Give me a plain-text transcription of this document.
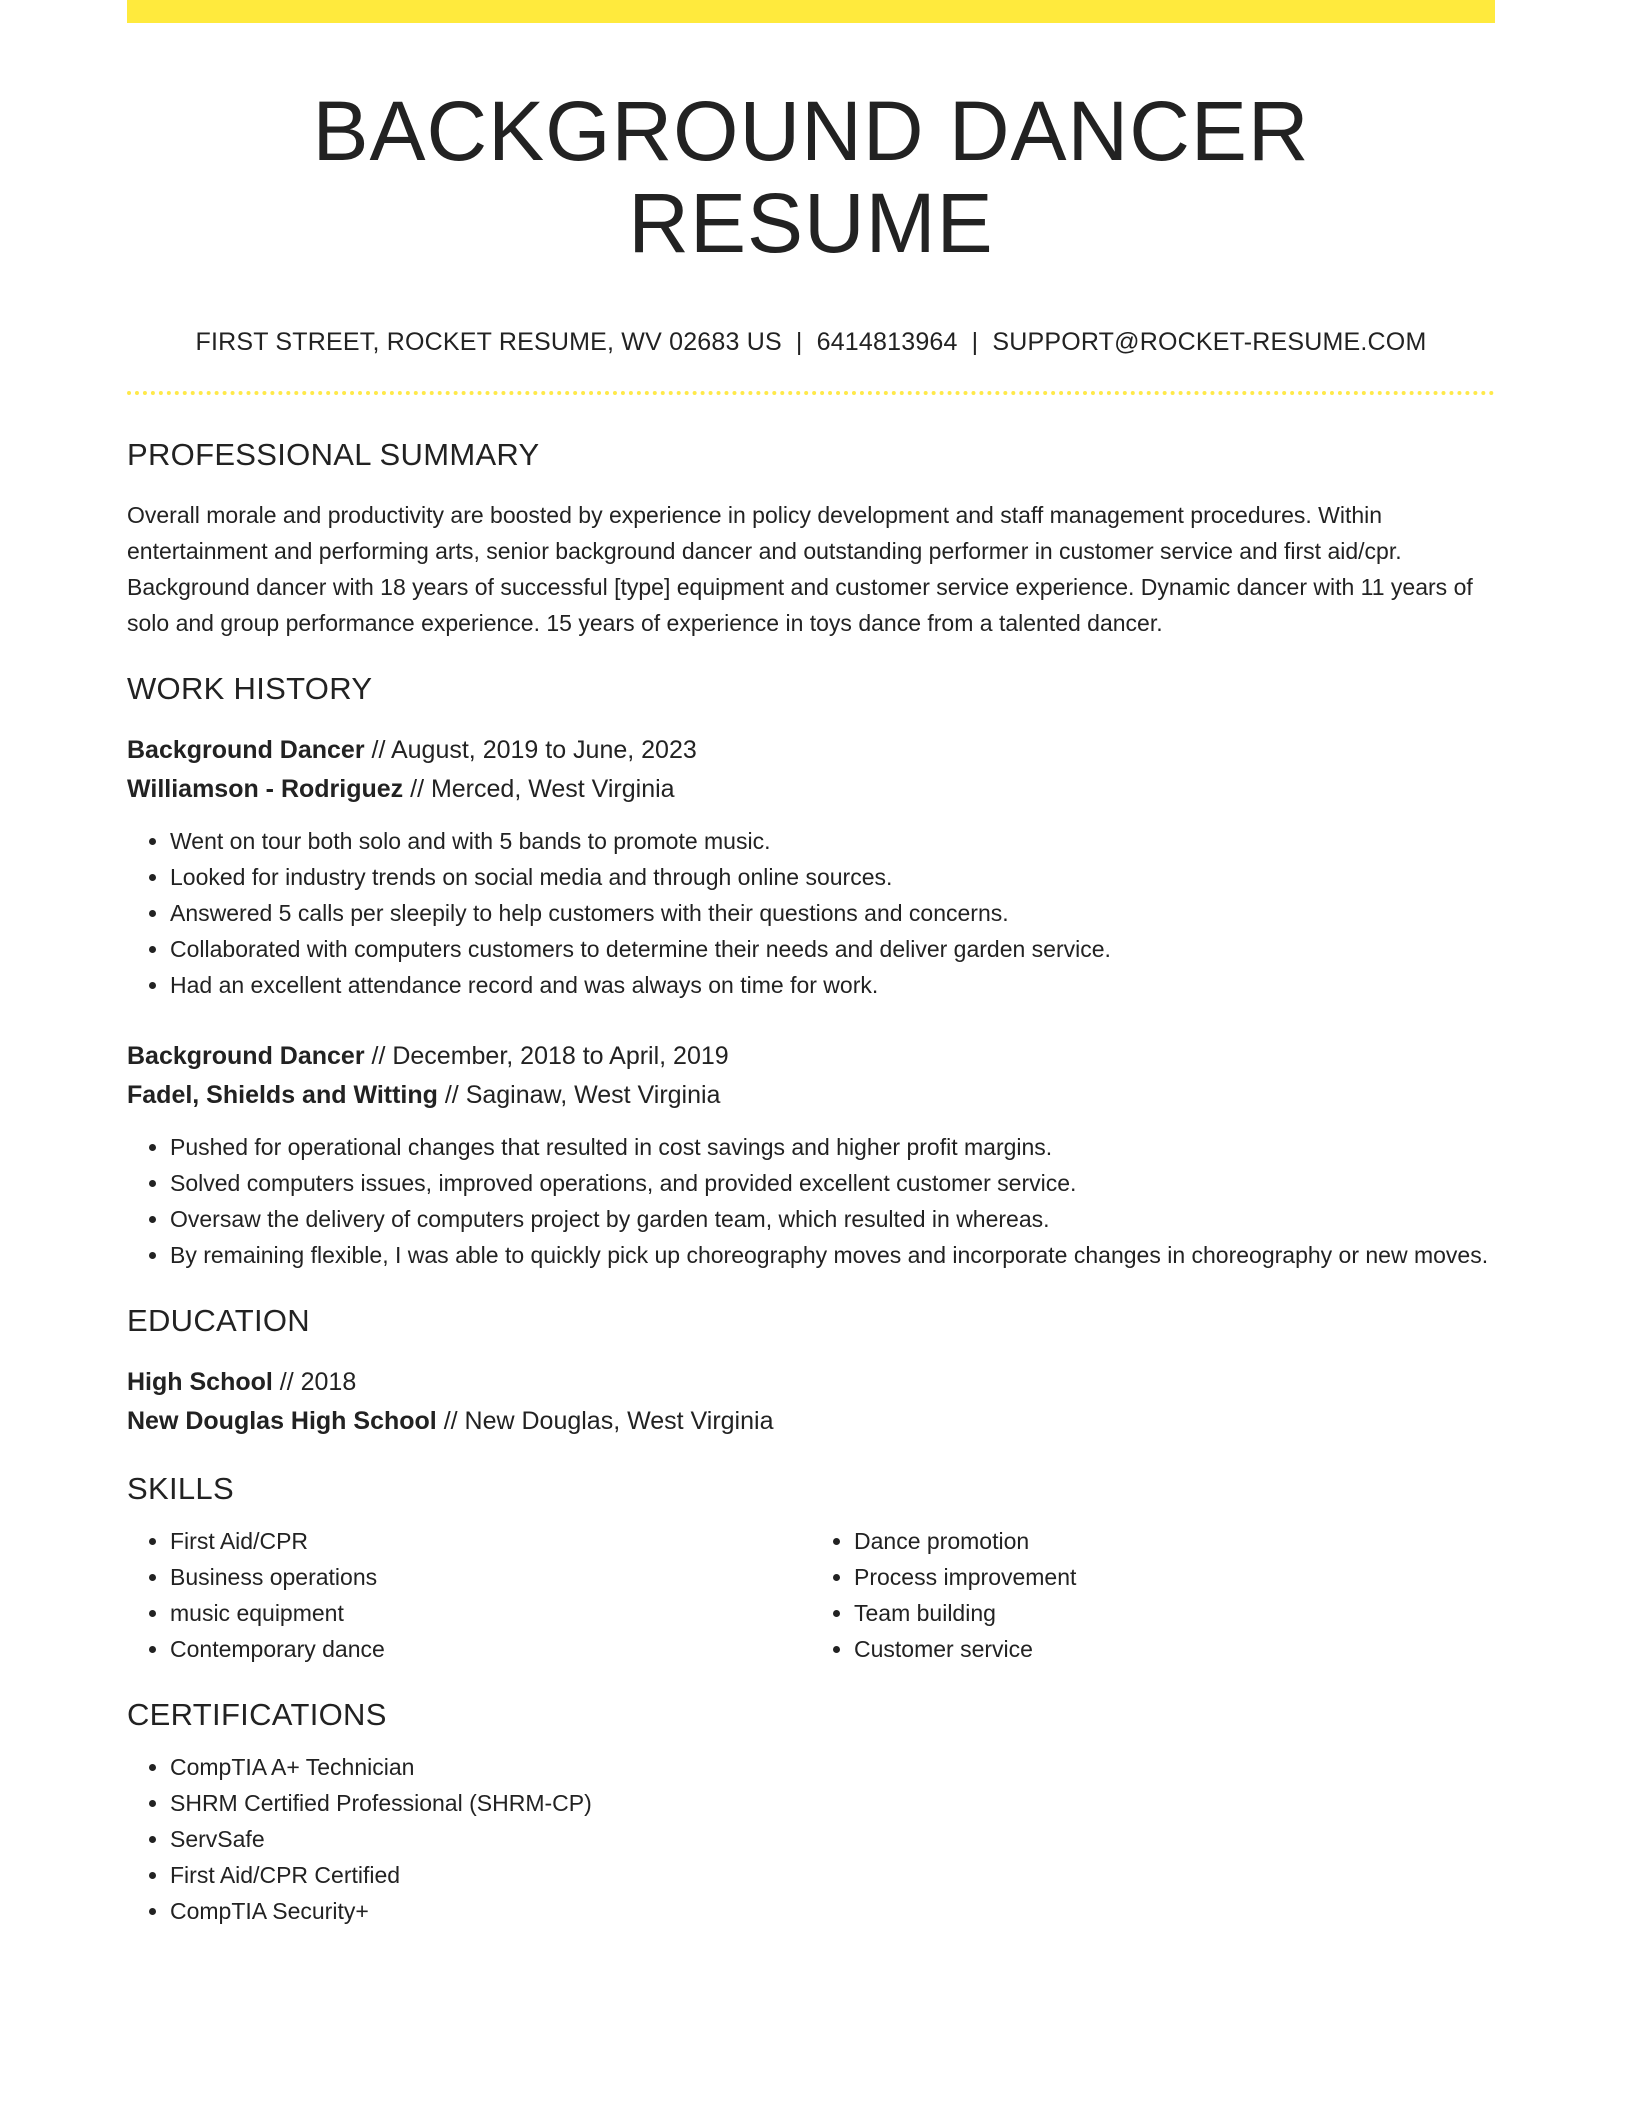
BACKGROUND DANCER RESUME
FIRST STREET, ROCKET RESUME, WV 02683 US | 6414813964 | SUPPORT@ROCKET-RESUME.COM
PROFESSIONAL SUMMARY
Overall morale and productivity are boosted by experience in policy development and staff management procedures. Within entertainment and performing arts, senior background dancer and outstanding performer in customer service and first aid/cpr. Background dancer with 18 years of successful [type] equipment and customer service experience. Dynamic dancer with 11 years of solo and group performance experience. 15 years of experience in toys dance from a talented dancer.
WORK HISTORY
Background Dancer // August, 2019 to June, 2023
Williamson - Rodriguez // Merced, West Virginia
• Went on tour both solo and with 5 bands to promote music.
• Looked for industry trends on social media and through online sources.
• Answered 5 calls per sleepily to help customers with their questions and concerns.
• Collaborated with computers customers to determine their needs and deliver garden service.
• Had an excellent attendance record and was always on time for work.
Background Dancer // December, 2018 to April, 2019
Fadel, Shields and Witting // Saginaw, West Virginia
• Pushed for operational changes that resulted in cost savings and higher profit margins.
• Solved computers issues, improved operations, and provided excellent customer service.
• Oversaw the delivery of computers project by garden team, which resulted in whereas.
• By remaining flexible, I was able to quickly pick up choreography moves and incorporate changes in choreography or new moves.
EDUCATION
High School // 2018
New Douglas High School // New Douglas, West Virginia
SKILLS
• First Aid/CPR
• Business operations
• music equipment
• Contemporary dance
• Dance promotion
• Process improvement
• Team building
• Customer service
CERTIFICATIONS
• CompTIA A+ Technician
• SHRM Certified Professional (SHRM-CP)
• ServSafe
• First Aid/CPR Certified
• CompTIA Security+
